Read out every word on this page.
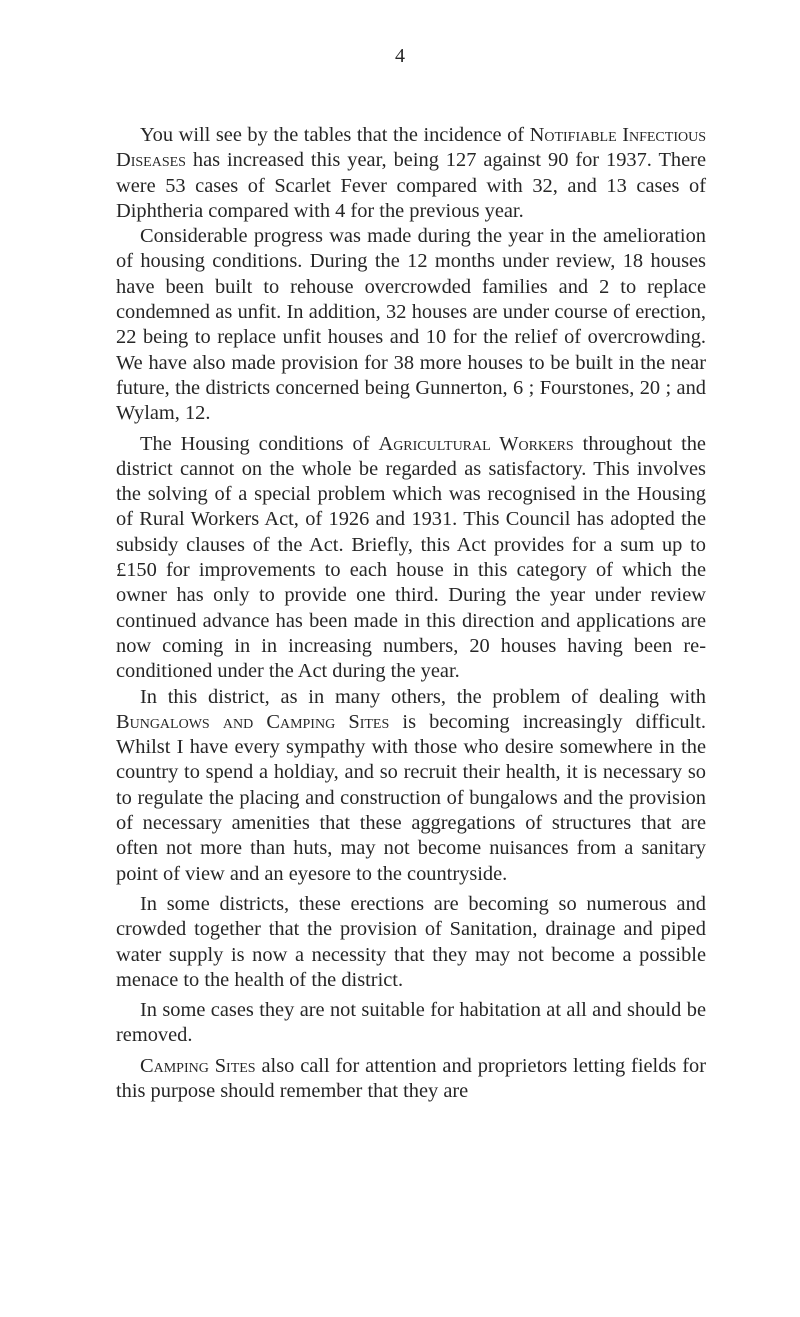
4

You will see by the tables that the incidence of Notifiable Infectious Diseases has increased this year, being 127 against 90 for 1937. There were 53 cases of Scarlet Fever compared with 32, and 13 cases of Diphtheria compared with 4 for the previous year.

Considerable progress was made during the year in the amelioration of housing conditions. During the 12 months under review, 18 houses have been built to rehouse overcrowded families and 2 to replace condemned as unfit. In addition, 32 houses are under course of erection, 22 being to replace unfit houses and 10 for the relief of overcrowding. We have also made provision for 38 more houses to be built in the near future, the districts concerned being Gunnerton, 6 ; Fourstones, 20 ; and Wylam, 12.

The Housing conditions of Agricultural Workers throughout the district cannot on the whole be regarded as satisfactory. This involves the solving of a special problem which was recognised in the Housing of Rural Workers Act, of 1926 and 1931. This Council has adopted the subsidy clauses of the Act. Briefly, this Act provides for a sum up to £150 for improvements to each house in this category of which the owner has only to provide one third. During the year under review continued advance has been made in this direction and applications are now coming in in increasing numbers, 20 houses having been re-conditioned under the Act during the year.

In this district, as in many others, the problem of dealing with Bungalows and Camping Sites is becoming increasingly difficult. Whilst I have every sympathy with those who desire somewhere in the country to spend a holdiay, and so recruit their health, it is necessary so to regulate the placing and construction of bungalows and the provision of necessary amenities that these aggregations of structures that are often not more than huts, may not become nuisances from a sanitary point of view and an eyesore to the countryside.

In some districts, these erections are becoming so numerous and crowded together that the provision of Sanitation, drainage and piped water supply is now a necessity that they may not become a possible menace to the health of the district.

In some cases they are not suitable for habitation at all and should be removed.

Camping Sites also call for attention and proprietors letting fields for this purpose should remember that they are
